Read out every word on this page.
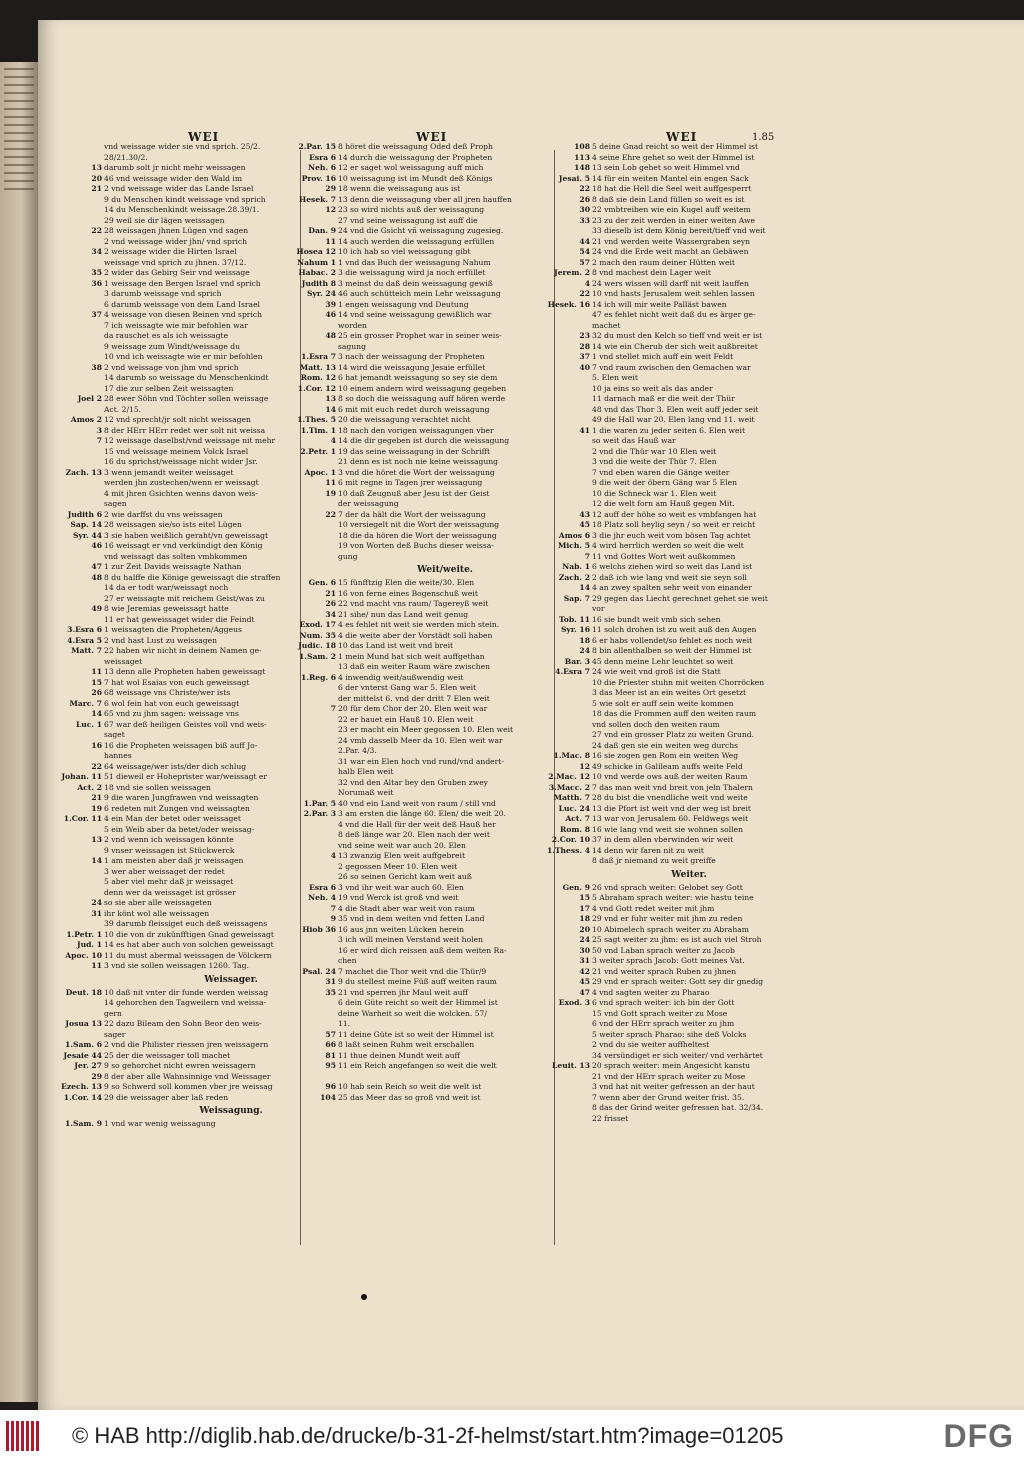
WEI	WEI	WEI	1.85
vnd weissage wider sie vnd sprich. 25/2.
28/21.30/2.
13 darumb solt jr nicht mehr weissagen
20 46 vnd weissage wider den Wald im
21 2 vnd weissage wider das Lande Israel
9 du Menschen kindt weissage vnd sprich
14 du Menschenkindt weissage.28.39/1.
29 weil sie dir lägen weissagen
22 28 weissagen jhnen Lügen vnd sagen
2 vnd weissage wider jhn/ vnd sprich
34 2 weissage wider die Hirten Israel
weissage vnd sprich zu jhnen. 37/12.
35 2 wider das Gebirg Seir vnd weissage
36 1 weissage den Bergen Israel vnd sprich
3 darumb weissage vnd sprich
6 darumb weissage von dem Land Israel
37 4 weissage von diesen Beinen vnd sprich
7 ich weissagte wie mir befohlen war
da rauschet es als ich weissagte
9 weissage zum Windt/weissage du
10 vnd ich weissagte wie er mir befohlen
38 2 vnd weissage von jhm vnd sprich
14 darumb so weissage du Menschenkindt
17 die zur selben Zeit weissagten
Joel 2 28 ewer Söhn vnd Töchter sollen weissage
Act. 2/15.
Amos 2 12 vnd sprecht/jr solt nicht weissagen
3 8 der HErr HErr redet wer solt nit weissa
7 12 weissage daselbst/vnd weissage nit mehr
15 vnd weissage meinem Volck Israel
16 du sprichst/weissage nicht wider Jsr.
Zach. 13 3 wenn jemandt weiter weissaget
werden jhn zustechen/wenn er weissagt
4 mit jhren Gsichten wenns davon weis-
sagen
Judith 6 2 wie darffst du vns weissagen
Sap. 14 28 weissagen sie/so ists eitel Lügen
Syr. 44 3 sie haben weißlich geraht/vn geweissagt
46 16 weissagt er vnd verkündigt den König
vnd weissagt das solten vmbkommen
47 1 zur Zeit Davids weissagte Nathan
48 8 du halffe die Könige geweissagt die straffen
14 da er todt war/weissagt noch
27 er weissagte mit reichem Geist/was zu
49 8 wie Jeremias geweissagt hatte
11 er hat geweissaget wider die Feindt
3.Esra 6 1 weissagten die Propheten/Aggeus
4.Esra 5 2 vnd hast Lust zu weissagen
Matt. 7 22 haben wir nicht in deinem Namen ge-
weissaget
11 13 denn alle Propheten haben geweissagt
15 7 hat wol Esaias von euch geweissagt
26 68 weissage vns Christe/wer ists
Marc. 7 6 wol fein hat von euch geweissagt
14 65 vnd zu jhm sagen: weissage vns
Luc. 1 67 war deß heiligen Geistes voll vnd weis-
saget
16 16 die Propheten weissagen biß auff Jo-
hannes
22 64 weissage/wer ists/der dich schlug
Johan. 11 51 dieweil er Hoheprister war/weissagt er
Act. 2 18 vnd sie sollen weissagen
21 9 die waren Jungfrawen vnd weissagten
19 6 redeten mit Zungen vnd weissagten
1.Cor. 11 4 ein Man der betet oder weissaget
5 ein Weib aber da betet/oder weissag-
13 2 vnd wenn ich weissagen könnte
9 vnser weissagen ist Stückwerck
14 1 am meisten aber daß jr weissagen
3 wer aber weissaget der redet
5 aber viel mehr daß jr weissaget
denn wer da weissaget ist grösser
24 so sie aber alle weissageten
31 ihr könt wol alle weissagen
39 darumb fleissiget euch deß weissagens
1.Petr. 1 10 die von dr zukünfftigen Gnad geweissagt
Jud. 1 14 es hat aber auch von solchen geweissagt
Apoc. 10 11 du must abermal weissagen de Völckern
11 3 vnd sie sollen weissagen 1260. Tag.
Weissager.
Deut. 18 10 daß nit vnter dir funde werden weissag
14 gehorchen den Tagweilern vnd weissa-
gern
Josua 13 22 dazu Bileam den Sohn Beor den weis-
sager
1.Sam. 6 2 vnd die Philister riessen jren weissagern
Jesaie 44 25 der die weissager toll machet
Jer. 27 9 so gehorchet nicht ewren weissagern
29 8 der aber alle Wahnsinnige vnd Weissager
Ezech. 13 9 so Schwerd soll kommen vber jre weissag
1.Cor. 14 29 die weissager aber laß reden
Weissagung.
1.Sam. 9 1 vnd war wenig weissagung
2.Par. 15 8 höret die weissagung Oded deß Proph
Esra 6 14 durch die weissagung der Propheten
Neh. 6 12 er saget wol weissagung auff mich
Prov. 16 10 weissagung ist im Mundt deß Königs
29 18 wenn die weissagung aus ist
Hesek. 7 13 denn die weissagung vber all jren hauffen
12 23 so wird nichts auß der weissagung
27 vnd seine weissagung ist auff die
Dan. 9 24 vnd die Gsicht vñ weissagung zugesieg.
11 14 auch werden die weissagung erfüllen
Hosea 12 10 ich hab so viel weissagung gibt
Nahum 1 1 vnd das Buch der weissagung Nahum
Habac. 2 3 die weissagung wird ja noch erfüllet
Judith 8 3 meinst du daß dein weissagung gewiß
Syr. 24 46 auch schütteich mein Lehr weissagung
39 1 engen weissagung vnd Deutung
46 14 vnd seine weissagung gewißlich war
worden
48 25 ein grosser Prophet war in seiner weis-
sagung
1.Esra 7 3 nach der weissagung der Propheten
Matt. 13 14 wird die weissagung Jesaie erfüllet
Rom. 12 6 hat jemandt weissagung so sey sie dem
1.Cor. 12 10 einem andern wird weissagung gegeben
13 8 so doch die weissagung auff hören werde
14 6 mit mit euch redet durch weissagung
1.Thes. 5 20 die weissagung verachtet nicht
1.Tim. 1 18 nach den vorigen weissagungen vber
4 14 die dir gegeben ist durch die weissagung
2.Petr. 1 19 das seine weissagung in der Schrifft
21 denn es ist noch nie keine weissagung
Apoc. 1 3 vnd die höret die Wort der weissagung
11 6 mit regne in Tagen jrer weissagung
19 10 daß Zeugnuß aber Jesu ist der Geist
der weissagung
22 7 der da hält die Wort der weissagung
10 versiegelt nit die Wort der weissagung
18 die da hören die Wort der weissagung
19 von Worten deß Buchs dieser weissa-
gung
Weit/weite.
Gen. 6 15 fünfftzig Elen die weite/30. Elen
21 16 von ferne eines Bogenschuß weit
26 22 vnd macht vns raum/ Tagereyß weit
34 21 sihe/ nun das Land weit genug
Exod. 17 4 es fehlet nit weit sie werden mich stein.
Num. 35 4 die weite aber der Vorstädt soll haben
Judic. 18 10 das Land ist weit vnd breit
1.Sam. 2 1 mein Mund hat sich weit auffgethan
13 daß ein weiter Raum wäre zwischen
1.Reg. 6 4 inwendig weit/außwendig weit
6 der vnterst Gang war 5. Elen weit
der mittelst 6. vnd der dritt 7 Elen weit
7 20 für dem Chor der 20. Elen weit war
22 er hauet ein Hauß 10. Elen weit
23 er macht ein Meer gegossen 10. Elen weit
24 vmb dasselb Meer da 10. Elen weit war
2.Par. 4/3.
31 war ein Elen hoch vnd rund/vnd andert-
halb Elen weit
32 vnd den Altar bey den Gruben zwey
Norumaß weit
1.Par. 5 40 vnd ein Land weit von raum / still vnd
2.Par. 3 3 am ersten die länge 60. Elen/ die weit 20.
4 vnd die Hall für der weit deß Hauß her
8 deß länge war 20. Elen nach der weit
vnd seine weit war auch 20. Elen
4 13 zwanzig Elen weit auffgebreit
2 gegossen Meer 10. Elen weit
26 so seinen Gericht kam weit auß
Esra 6 3 vnd ihr weit war auch 60. Elen
Neh. 4 19 vnd Werck ist groß vnd weit
7 4 die Stadt aber war weit von raum
9 35 vnd in dem weiten vnd fetten Land
Hiob 36 16 aus jnn weiten Lücken herein
3 ich will meinen Verstand weit holen
16 er wird dich reissen auß dem weiten Ra-
chen
Psal. 24 7 machet die Thor weit vnd die Thür/9
31 9 du stellest meine Füß auff weiten raum
35 21 vnd sperren jhr Maul weit auff
6 dein Güte reicht so weit der Himmel ist
deine Warheit so weit die wolcken. 57/
11.
57 11 deine Güte ist so weit der Himmel ist
66 8 laßt seinen Ruhm weit erschallen
81 11 thue deinen Mundt weit auff
95 11 ein Reich angefangen so weit die welt
96 10 hab sein Reich so weit die welt ist
104 25 das Meer das so groß vnd weit ist
108 5 deine Gnad reicht so weit der Himmel ist
113 4 seine Ehre gehet so weit der Himmel ist
148 13 sein Lob gehet so weit Himmel vnd
Jesai. 5 14 für ein weiten Mantel ein engen Sack
22 18 hat die Hell die Seel weit auffgesperrt
26 8 daß sie dein Land füllen so weit es ist
30 22 vmbtreiben wie ein Kugel auff weitem
33 23 zu der zeit werden in einer weiten Awe
33 dieselb ist dem König bereit/tieff vnd weit
44 21 vnd werden weite Wassergraben seyn
54 24 vnd die Erde weit macht an Gebäwen
57 2 mach den raum deiner Hütten weit
Jerem. 2 8 vnd machest dein Lager weit
4 24 wers wissen will darff nit weit lauffen
22 10 vnd hasts Jerusalem weit sehlen lassen
Hesek. 16 14 ich will mir weite Palläst bawen
47 es fehlet nicht weit daß du es ärger ge-
machet
23 32 du must den Kelch so tieff vnd weit er ist
28 14 wie ein Cherub der sich weit außbreitet
37 1 vnd stellet mich auff ein weit Feldt
40 7 vnd raum zwischen den Gemachen war
5. Elen weit
10 ja eins so weit als das ander
11 darnach maß er die weit der Thür
48 vnd das Thor 3. Elen weit auff jeder seit
49 die Hall war 20. Elen lang vnd 11. weit
41 1 die waren zu jeder seiten 6. Elen weit
so weit das Hauß war
2 vnd die Thür war 10 Elen weit
3 vnd die weite der Thür 7. Elen
7 vnd eben waren die Gänge weiter
9 die weit der öbern Gäng war 5 Elen
10 die Schneck war 1. Elen weit
12 die welt forn am Hauß gegen Mit.
43 12 auff der höhe so weit es vmbfangen hat
45 18 Platz soll heylig seyn / so weit er reicht
Amos 6 3 die jhr euch weit vom bösen Tag achtet
Mich. 5 4 wird herrlich werden so weit die welt
7 11 vnd Gottes Wort weit außkommen
Nab. 1 6 welchs ziehen wird so weit das Land ist
Zach. 2 2 daß ich wie lang vnd weit sie seyn soll
14 4 an zwey spalten sehr weit von einander
Sap. 7 29 gegen das Liecht gerechnet gehet sie weit
vor
Tob. 11 16 sie bundt weit vmb sich sehen
Syr. 16 11 solch drohen ist zu weit auß den Augen
18 6 er habs vollendet/so fehlet es noch weit
24 8 bin allenthalben so weit der Himmel ist
Bar. 3 45 denn meine Lehr leuchtet so weit
4.Esra 7 24 wie weit vnd groß ist die Statt
10 die Priester stuhn mit weiten Chorröcken
3 das Meer ist an ein weites Ort gesetzt
5 wie solt er auff sein weite kommen
18 das die Frommen auff den weiten raum
vnd sollen doch den weiten raum
27 vnd ein grosser Platz zu weiten Grund.
24 daß gen sie ein weiten weg durchs
1.Mac. 8 16 sie zogen gen Rom ein weiten Weg
12 49 schicke in Galileam auffs weite Feld
2.Mac. 12 10 vnd werde ows auß der weiten Raum
3.Macc. 2 7 das man weit vnd breit von jeln Thalern
Matth. 7 28 du bist die vnendliche weit vnd weite
Luc. 24 13 die Pfort ist weit vnd der weg ist breit
Act. 7 13 war von Jerusalem 60. Feldwegs weit
Rom. 8 16 wie lang vnd weit sie wohnen sollen
2.Cor. 10 37 in dem allen vberwinden wir weit
1.Thess. 4 14 denn wir faren nit zu weit
8 daß jr niemand zu weit greiffe
Weiter.
Gen. 9 26 vnd sprach weiter: Gelobet sey Gott
15 5 Abraham sprach weiter: wie hastu teine
17 4 vnd Gott redet weiter mit jhm
18 29 vnd er fuhr weiter mit jhm zu reden
20 10 Abimelech sprach weiter zu Abraham
24 25 sagt weiter zu jhm: es ist auch viel Stroh
30 50 vnd Laban sprach weiter zu Jacob
31 3 weiter sprach Jacob: Gott meines Vat.
42 21 vnd weiter sprach Ruben zu jhnen
45 29 vnd er sprach weiter: Gott sey dir gnedig
47 4 vnd sagten weiter zu Pharao
Exod. 3 6 vnd sprach weiter: ich bin der Gott
15 vnd Gott sprach weiter zu Mose
6 vnd der HErr sprach weiter zu jhm
5 weiter sprach Pharao: sihe deß Volcks
2 vnd du sie weiter auffheltest
34 versündiget er sich weiter/ vnd verhärtet
Leuit. 13 20 sprach weiter: mein Angesicht kanstu
21 vnd der HErr sprach weiter zu Mose
3 vnd hat nit weiter gefressen an der haut
7 wenn aber der Grund weiter frist. 35.
8 das der Grind weiter gefressen hat. 32/34.
22 frisset
© HAB http://diglib.hab.de/drucke/b-31-2f-helmst/start.htm?image=01205	DFG
